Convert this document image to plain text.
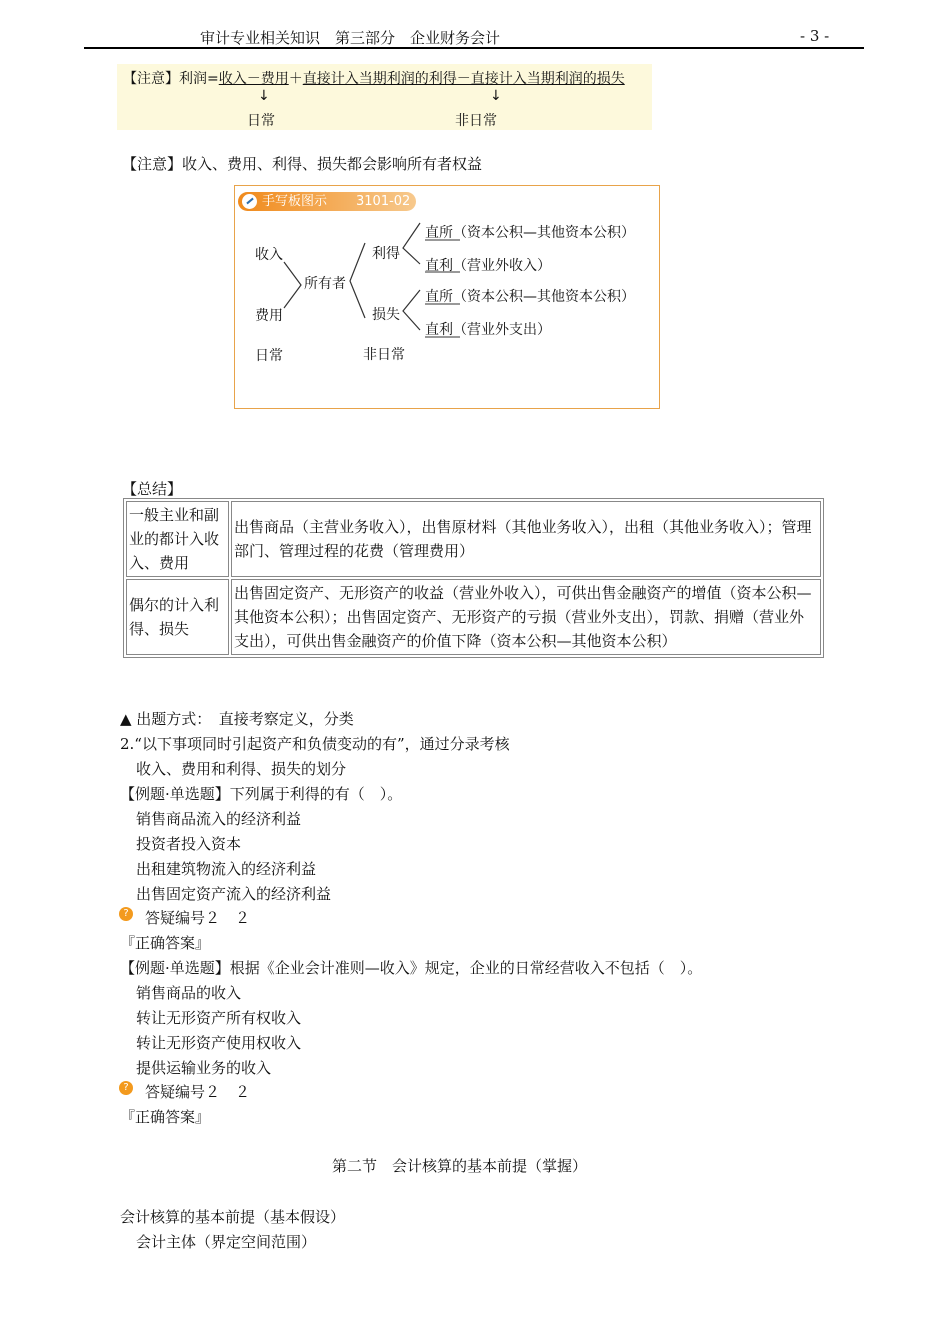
审计专业相关知识　第三部分　企业财务会计	- 3 -
【注意】利润=收入－费用＋直接计入当期利润的利得－直接计入当期利润的损失
↓	↓
日常	非日常
【注意】收入、费用、利得、损失都会影响所有者权益
手写板图示 3101-02
收入
费用
所有者
利得
损失
日常	非日常
直所（资本公积—其他资本公积）
直利（营业外收入）
直所（资本公积—其他资本公积）
直利（营业外支出）
【总结】
一般主业和副业的都计入收入、费用	出售商品（主营业务收入），出售原材料（其他业务收入），出租（其他业务收入）；管理部门、管理过程的花费（管理费用）
偶尔的计入利得、损失	出售固定资产、无形资产的收益（营业外收入），可供出售金融资产的增值（资本公积—其他资本公积）；出售固定资产、无形资产的亏损（营业外支出），罚款、捐赠（营业外支出），可供出售金融资产的价值下降（资本公积—其他资本公积）
▲ 出题方式：　直接考察定义，分类
2.“以下事项同时引起资产和负债变动的有”，通过分录考核
收入、费用和利得、损失的划分
【例题·单选题】下列属于利得的有（　）。
销售商品流入的经济利益
投资者投入资本
出租建筑物流入的经济利益
出售固定资产流入的经济利益
? 答疑编号２　２
『正确答案』
【例题·单选题】根据《企业会计准则—收入》规定，企业的日常经营收入不包括（　）。
销售商品的收入
转让无形资产所有权收入
转让无形资产使用权收入
提供运输业务的收入
? 答疑编号２　２
『正确答案』
第二节　会计核算的基本前提（掌握）
会计核算的基本前提（基本假设）
会计主体（界定空间范围）
